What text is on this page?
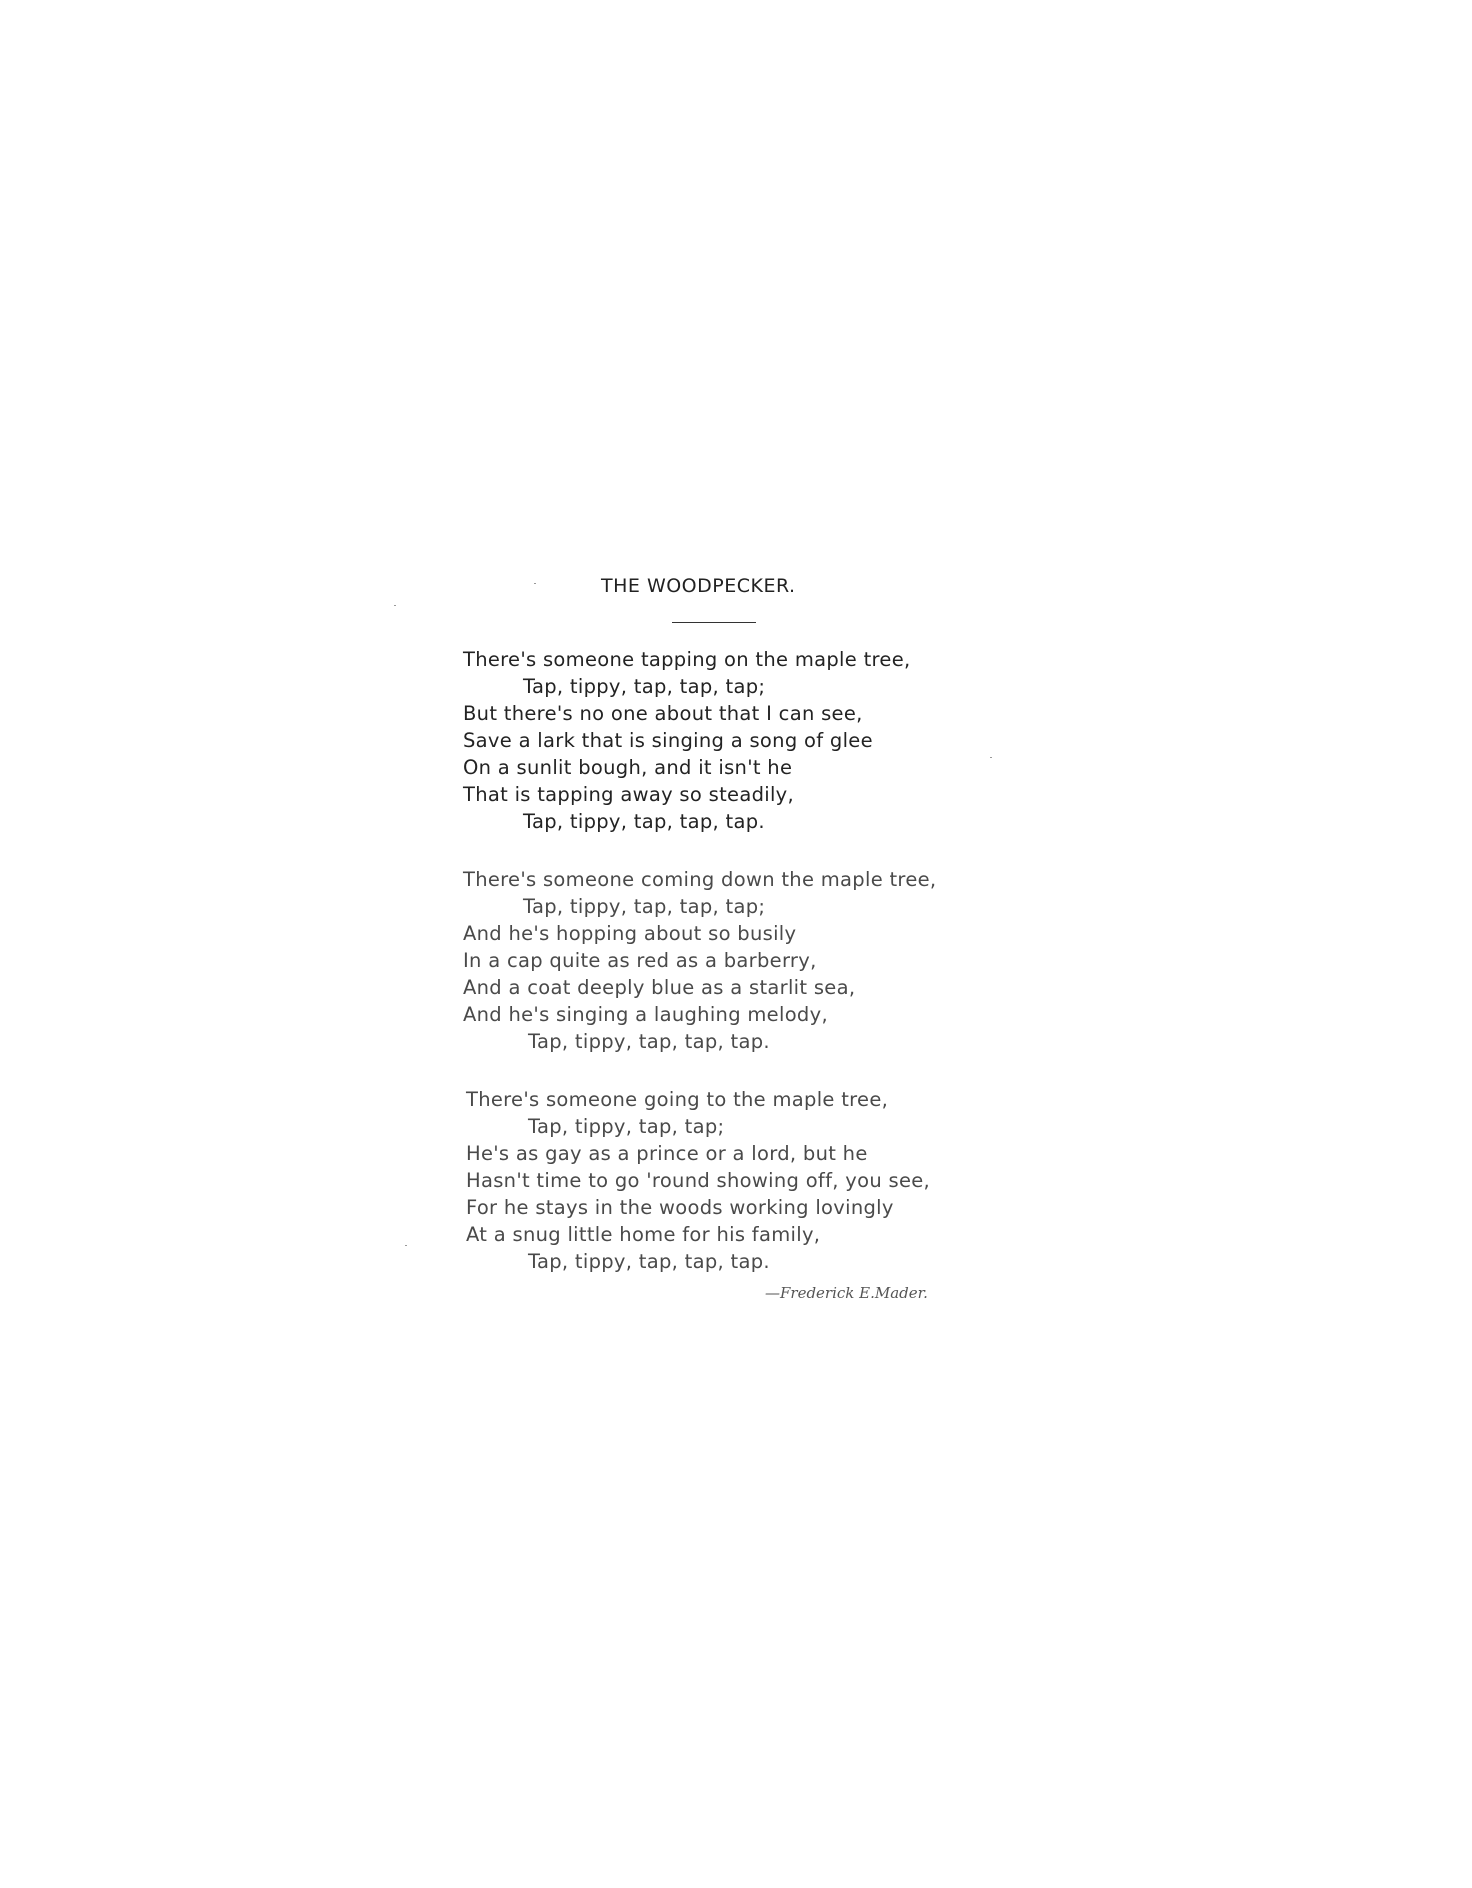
THE WOODPECKER.
There's someone tapping on the maple tree,
Tap, tippy, tap, tap, tap;
But there's no one about that I can see,
Save a lark that is singing a song of glee
On a sunlit bough, and it isn't he
That is tapping away so steadily,
Tap, tippy, tap, tap, tap.
There's someone coming down the maple tree,
Tap, tippy, tap, tap, tap;
And he's hopping about so busily
In a cap quite as red as a barberry,
And a coat deeply blue as a starlit sea,
And he's singing a laughing melody,
Tap, tippy, tap, tap, tap.
There's someone going to the maple tree,
Tap, tippy, tap, tap;
He's as gay as a prince or a lord, but he
Hasn't time to go 'round showing off, you see,
For he stays in the woods working lovingly
At a snug little home for his family,
Tap, tippy, tap, tap, tap.
—Frederick E.Mader.
